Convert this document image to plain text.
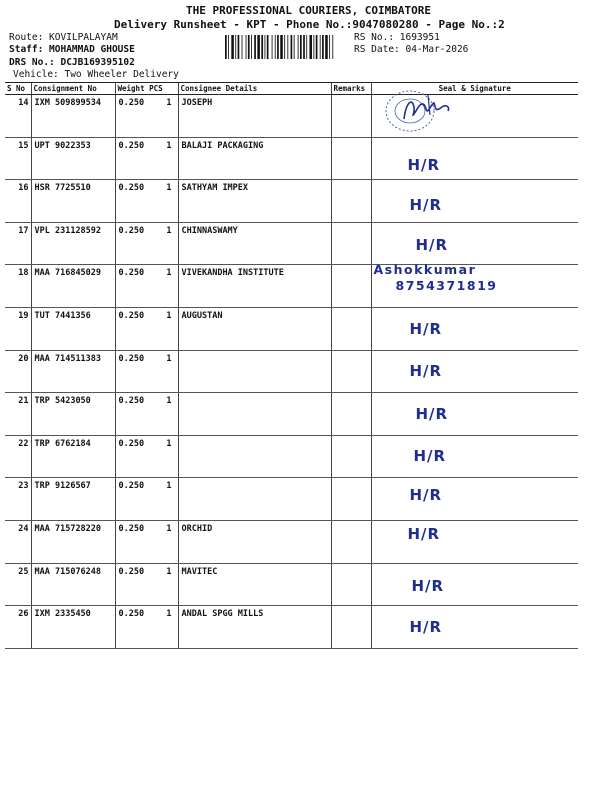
THE PROFESSIONAL COURIERS, COIMBATORE
Delivery Runsheet - KPT - Phone No.:9047080280 - Page No.:2
Route: KOVILPALAYAM
Staff: MOHAMMAD GHOUSE
DRS No.: DCJB169395102
Vehicle: Two Wheeler Delivery
RS No.: 1693951
RS Date: 04-Mar-2026
S No	Consignment No	Weight PCS	Consignee Details	Remarks	Seal & Signature
14	IXM 509899534	0.250 1	JOSEPH		

15	UPT 9022353	0.250 1	BALAJI PACKAGING		H/R

16	HSR 7725510	0.250 1	SATHYAM IMPEX		H/R

17	VPL 231128592	0.250 1	CHINNASWAMY		H/R

18	MAA 716845029	0.250 1	VIVEKANDHA INSTITUTE		Ashokkumar
8754371819

19	TUT 7441356	0.250 1	AUGUSTAN		H/R

20	MAA 714511383	0.250 1			H/R

21	TRP 5423050	0.250 1			H/R

22	TRP 6762184	0.250 1			H/R

23	TRP 9126567	0.250 1			H/R

24	MAA 715728220	0.250 1	ORCHID		H/R

25	MAA 715076248	0.250 1	MAVITEC		H/R

26	IXM 2335450	0.250 1	ANDAL SPGG MILLS		H/R
